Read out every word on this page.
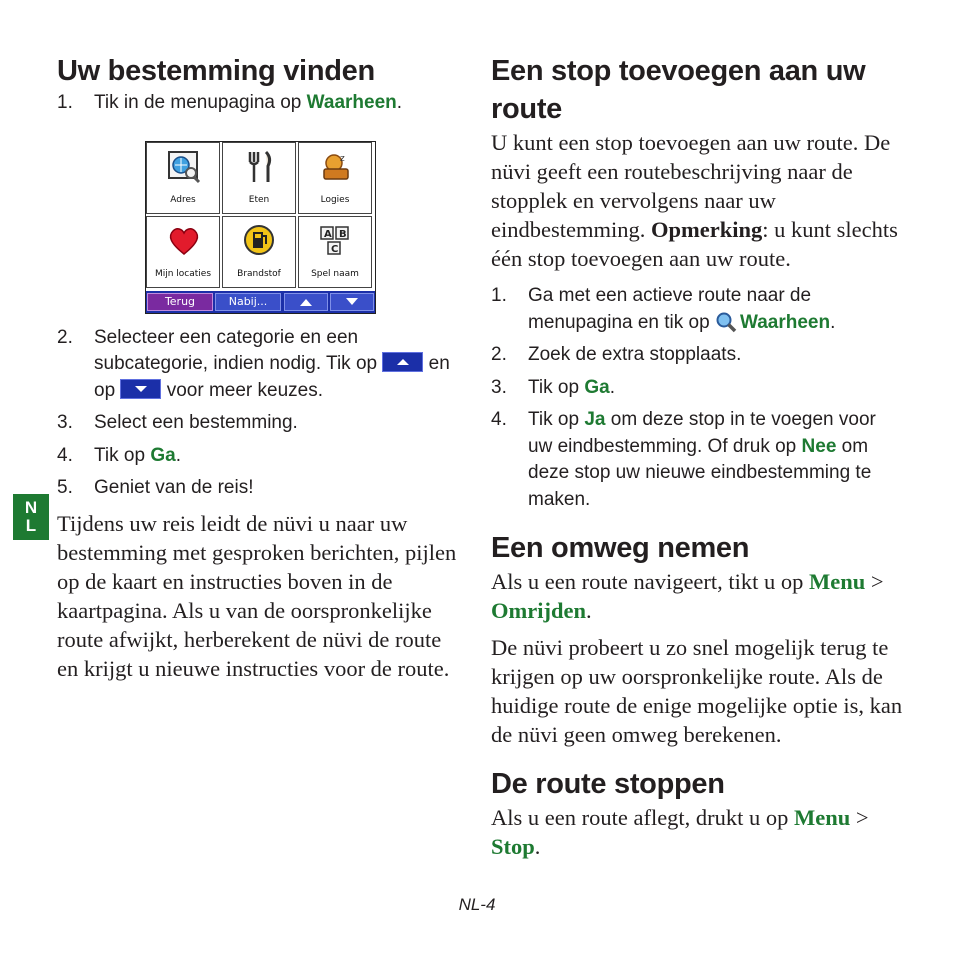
Uw bestemming vinden
1. Tik in de menupagina op Waarheen.
Adres	Eten
z
Logies
Mijn locaties	Brandstof
A B
C
Spel naam
Terug	Nabij...
2. Selecteer een categorie en een subcategorie, indien nodig. Tik op
en op
voor meer keuzes.
3. Select een bestemming.
4. Tik op Ga.
5. Geniet van de reis!

Tijdens uw reis leidt de nüvi u naar uw bestemming met gesproken berichten, pijlen op de kaart en instructies boven in de kaartpagina. Als u van de oorspronkelijke route afwijkt, herberekent de nüvi de route en krijgt u nieuwe instructies voor de route.

N
L
Een stop toevoegen aan uw route

U kunt een stop toevoegen aan uw route. De nüvi geeft een routebeschrijving naar de stopplek en vervolgens naar uw eindbestemming. Opmerking: u kunt slechts één stop toevoegen aan uw route.

1. Ga met een actieve route naar de menupagina en tik op Waarheen.
2. Zoek de extra stopplaats.
3. Tik op Ga.
4. Tik op Ja om deze stop in te voegen voor uw eindbestemming. Of druk op Nee om deze stop uw nieuwe eindbestemming te maken.
Een omweg nemen

Als u een route navigeert, tikt u op Menu > Omrijden.

De nüvi probeert u zo snel mogelijk terug te krijgen op uw oorspronkelijke route. Als de huidige route de enige mogelijke optie is, kan de nüvi geen omweg berekenen.

De route stoppen

Als u een route aflegt, drukt u op Menu > Stop.

NL-4
